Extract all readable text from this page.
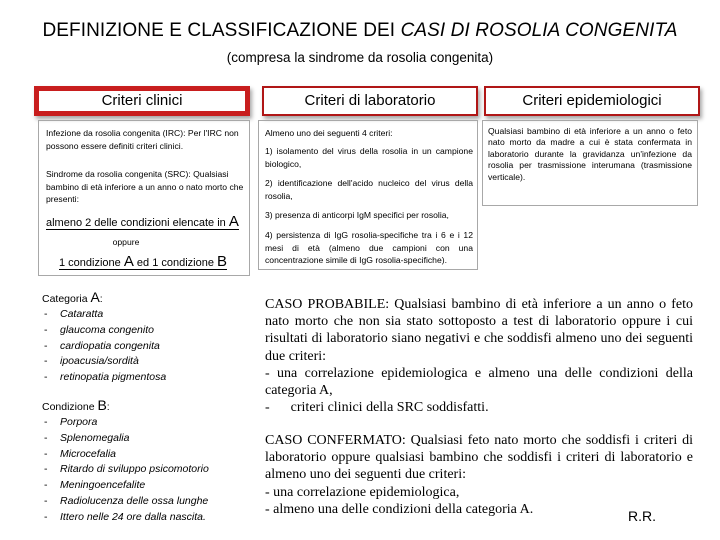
DEFINIZIONE E CLASSIFICAZIONE DEI CASI DI ROSOLIA CONGENITA
(compresa la sindrome da rosolia congenita)
Criteri clinici	Criteri di laboratorio	Criteri epidemiologici
Infezione da rosolia congenita (IRC): Per l'IRC non possono essere definiti criteri clinici.
Sindrome da rosolia congenita (SRC): Qualsiasi bambino di età inferiore a un anno o nato morto che presenti:
almeno 2 delle condizioni elencate in A
oppure
1 condizione A ed 1 condizione B
Categoria A:
- Cataratta
- glaucoma congenito
- cardiopatia congenita
- ipoacusia/sordità
- retinopatia pigmentosa
Condizione B:
- Porpora
- Splenomegalia
- Microcefalia
- Ritardo di sviluppo psicomotorio
- Meningoencefalite
- Radiolucenza delle ossa lunghe
- Ittero nelle 24 ore dalla nascita.
Almeno uno dei seguenti 4 criteri:
1) isolamento del virus della rosolia in un campione biologico,
2) identificazione dell'acido nucleico del virus della rosolia,
3) presenza di anticorpi IgM specifici per rosolia,
4) persistenza di IgG rosolia-specifiche tra i 6 e i 12 mesi di età (almeno due campioni con una concentrazione simile di IgG rosolia-specifiche).
Qualsiasi bambino di età inferiore a un anno o feto nato morto da madre a cui è stata confermata in laboratorio durante la gravidanza un'infezione da rosolia per trasmissione interumana (trasmissione verticale).
CASO PROBABILE: Qualsiasi bambino di età inferiore a un anno o feto nato morto che non sia stato sottoposto a test di laboratorio oppure i cui risultati di laboratorio siano negativi e che soddisfi almeno uno dei seguenti due criteri:
- una correlazione epidemiologica e almeno una delle condizioni della categoria A,
-      criteri clinici della SRC soddisfatti.
CASO CONFERMATO: Qualsiasi feto nato morto che soddisfi i criteri di laboratorio oppure qualsiasi bambino che soddisfi i criteri di laboratorio e almeno uno dei seguenti due criteri:
- una correlazione epidemiologica,
- almeno una delle condizioni della categoria A.	R.R.
